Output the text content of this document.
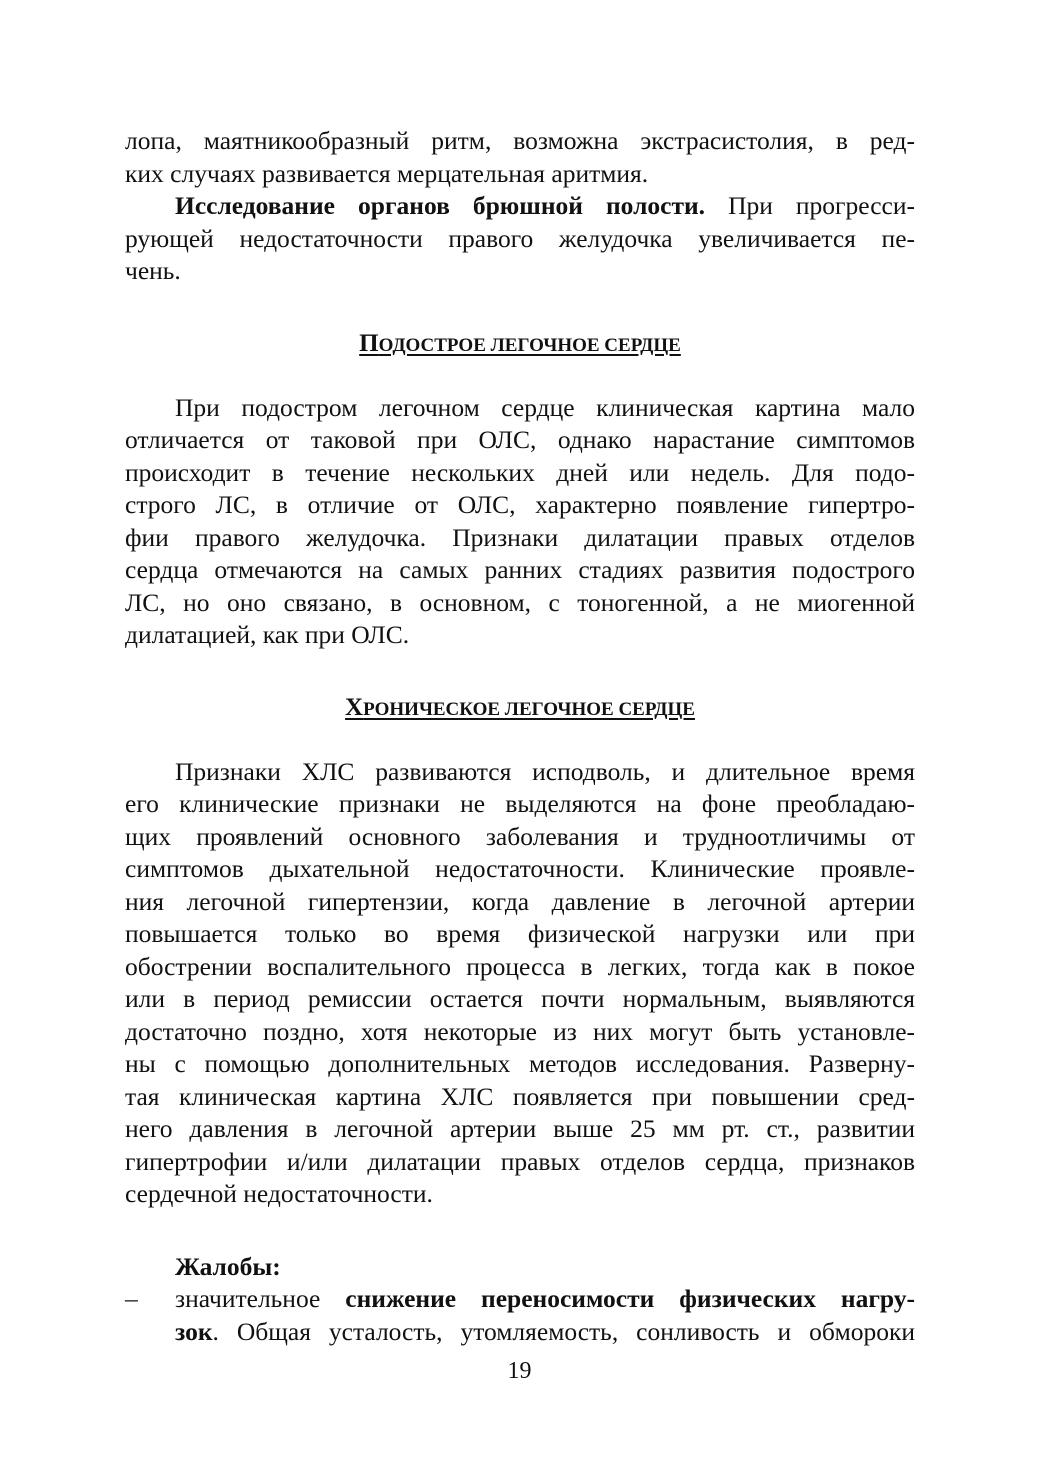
лопа, маятникообразный ритм, возможна экстрасистолия, в ред-
ких случаях развивается мерцательная аритмия.
Исследование органов брюшной полости. При прогресси-
рующей недостаточности правого желудочка увеличивается пе-
чень.
ПОДОСТРОЕ ЛЕГОЧНОЕ СЕРДЦЕ
При подостром легочном сердце клиническая картина мало
отличается от таковой при ОЛС, однако нарастание симптомов
происходит в течение нескольких дней или недель. Для подо-
строго ЛС, в отличие от ОЛС, характерно появление гипертро-
фии правого желудочка. Признаки дилатации правых отделов
сердца отмечаются на самых ранних стадиях развития подострого
ЛС, но оно связано, в основном, с тоногенной, а не миогенной
дилатацией, как при ОЛС.
ХРОНИЧЕСКОЕ ЛЕГОЧНОЕ СЕРДЦЕ
Признаки ХЛС развиваются исподволь, и длительное время
его клинические признаки не выделяются на фоне преобладаю-
щих проявлений основного заболевания и трудноотличимы от
симптомов дыхательной недостаточности. Клинические проявле-
ния легочной гипертензии, когда давление в легочной артерии
повышается только во время физической нагрузки или при
обострении воспалительного процесса в легких, тогда как в покое
или в период ремиссии остается почти нормальным, выявляются
достаточно поздно, хотя некоторые из них могут быть установле-
ны с помощью дополнительных методов исследования. Разверну-
тая клиническая картина ХЛС появляется при повышении сред-
него давления в легочной артерии выше 25 мм рт. ст., развитии
гипертрофии и/или дилатации правых отделов сердца, признаков
сердечной недостаточности.
Жалобы:
– значительное снижение переносимости физических нагру-
зок. Общая усталость, утомляемость, сонливость и обмороки
19
